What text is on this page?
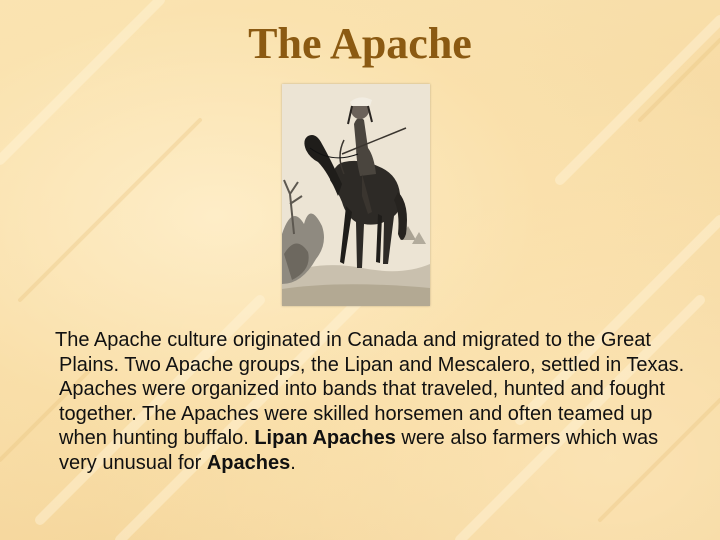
The Apache
The Apache culture originated in Canada and migrated to the Great Plains. Two Apache groups, the Lipan and Mescalero, settled in Texas. Apaches were organized into bands that traveled, hunted and fought together. The Apaches were skilled horsemen and often teamed up when hunting buffalo. Lipan Apaches were also farmers which was very unusual for Apaches.
